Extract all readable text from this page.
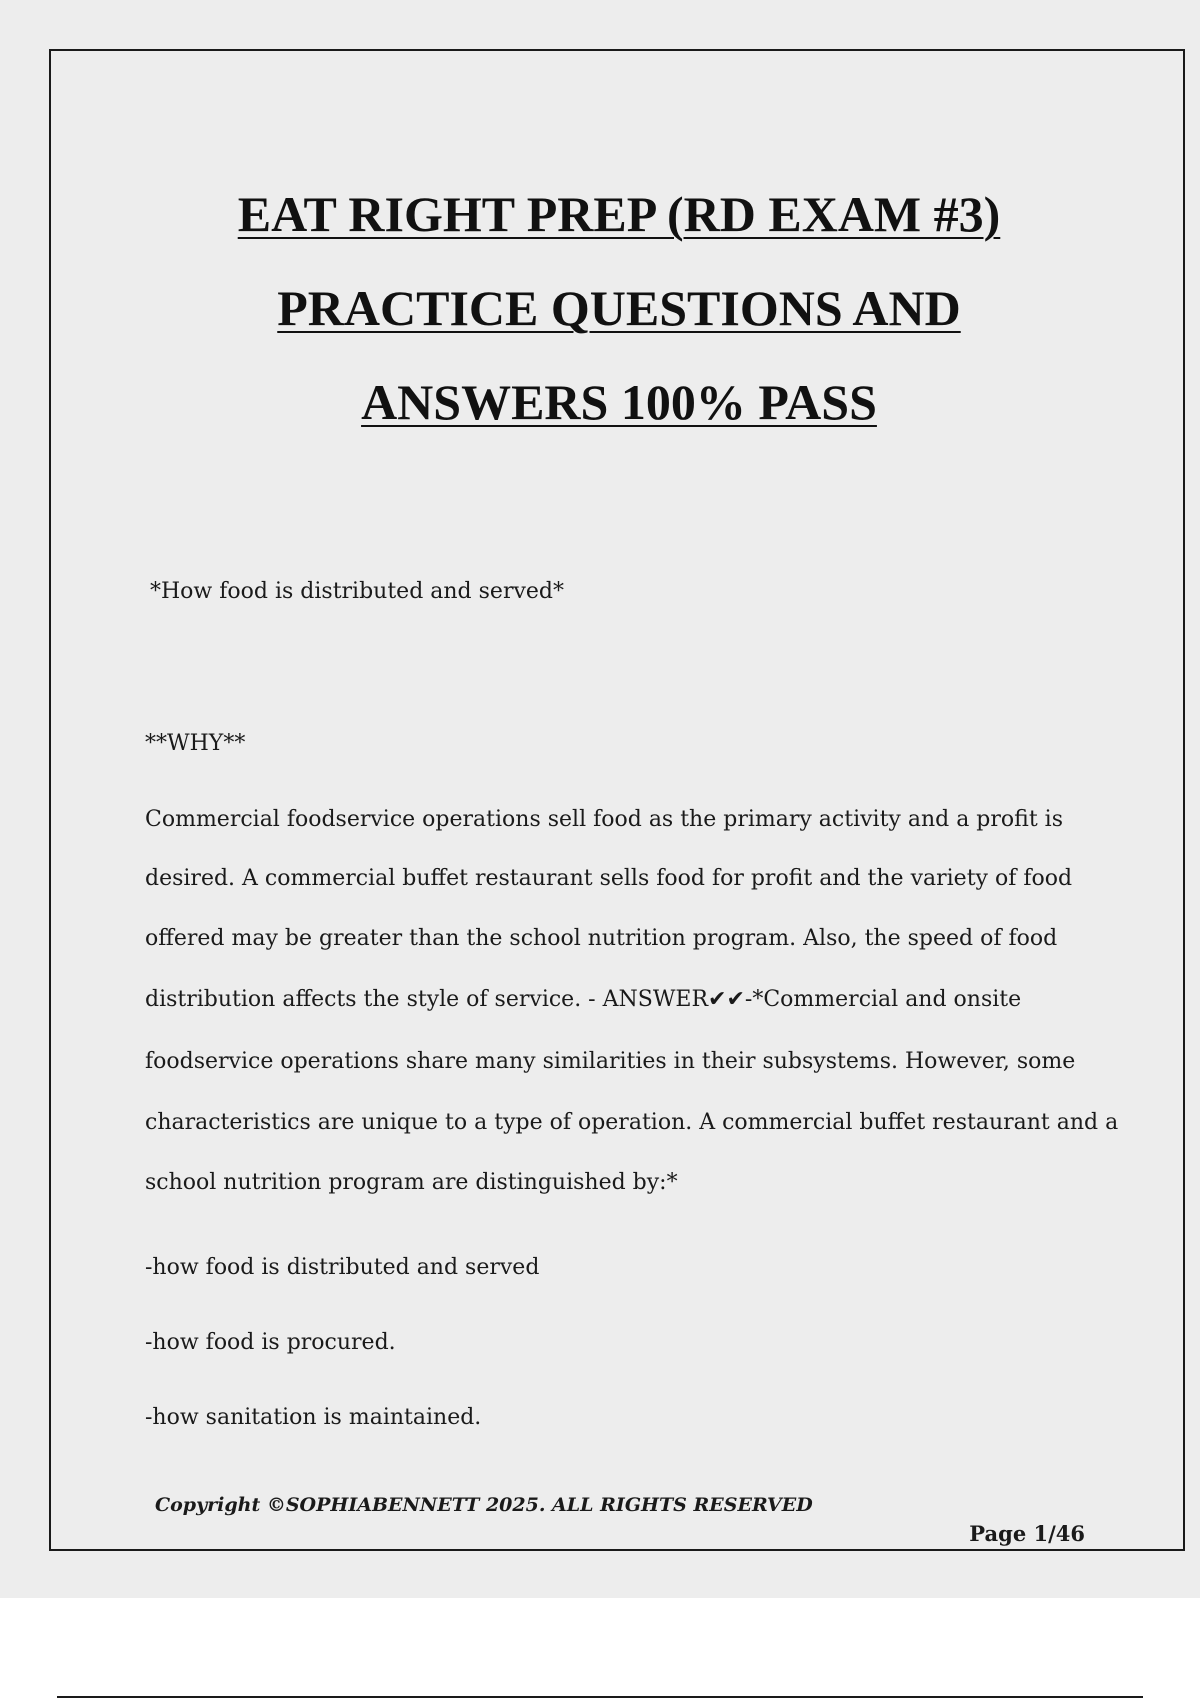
EAT RIGHT PREP (RD EXAM #3)
PRACTICE QUESTIONS AND
ANSWERS 100% PASS

*How food is distributed and served*

**WHY**

Commercial foodservice operations sell food as the primary activity and a profit is
desired. A commercial buffet restaurant sells food for profit and the variety of food
offered may be greater than the school nutrition program. Also, the speed of food
distribution affects the style of service. - ANSWER✔✔-*Commercial and onsite
foodservice operations share many similarities in their subsystems. However, some
characteristics are unique to a type of operation. A commercial buffet restaurant and a
school nutrition program are distinguished by:*

-how food is distributed and served

-how food is procured.

-how sanitation is maintained.

Copyright ©SOPHIABENNETT 2025. ALL RIGHTS RESERVED

Page 1/46
